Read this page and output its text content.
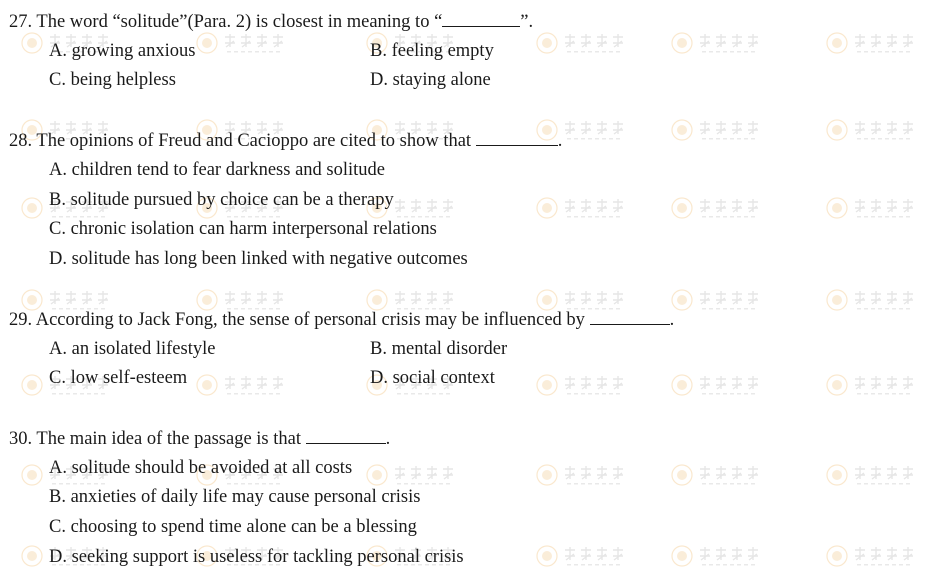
27. The word “solitude”(Para. 2) is closest in meaning to “	”.
A. growing anxious	B. feeling empty
C. being helpless	D. staying alone
28. The opinions of Freud and Cacioppo are cited to show that	.
A. children tend to fear darkness and solitude
B. solitude pursued by choice can be a therapy
C. chronic isolation can harm interpersonal relations
D. solitude has long been linked with negative outcomes
29. According to Jack Fong, the sense of personal crisis may be influenced by	.
A. an isolated lifestyle	B. mental disorder
C. low self-esteem	D. social context
30. The main idea of the passage is that	.
A. solitude should be avoided at all costs
B. anxieties of daily life may cause personal crisis
C. choosing to spend time alone can be a blessing
D. seeking support is useless for tackling personal crisis
